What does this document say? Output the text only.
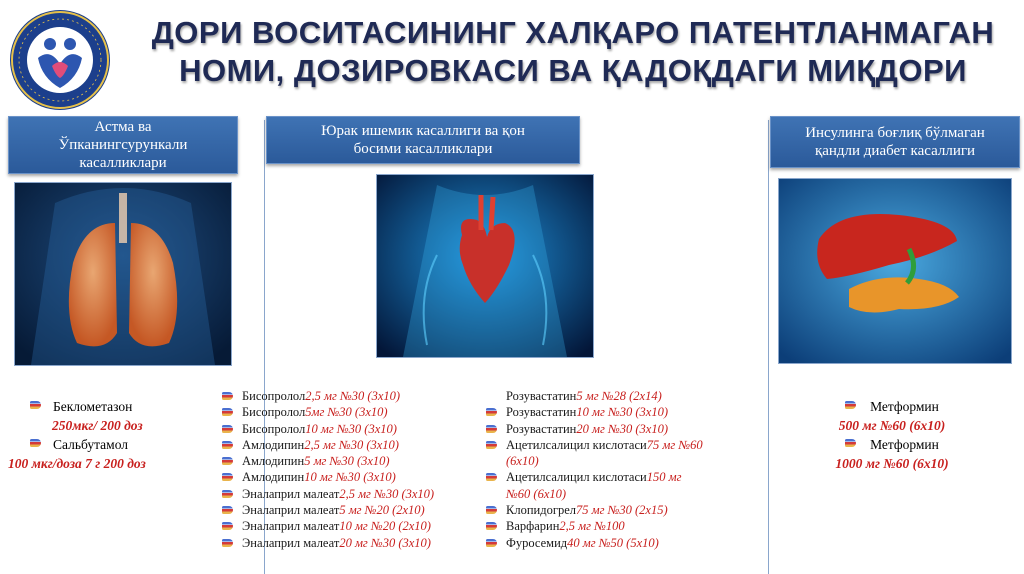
ДОРИ ВОСИТАСИНИНГ ХАЛҚАРО ПАТЕНТЛАНМАГАН
НОМИ, ДОЗИРОВКАСИ ВА ҚАДОҚДАГИ МИҚДОРИ
Астма ва
Ўпканингсурункали
касалликлари
Юрак ишемик касаллиги ва қон
босими касалликлари
Инсулинга боғлиқ бўлмаган
қандли диабет касаллиги
Беклометазон
250мкг/ 200 доз
Сальбутамол
100 мкг/доза 7 г 200 доз
Бисопролол 2,5 мг №30 (3х10)
Бисопролол 5мг №30 (3х10)
Бисопролол 10 мг №30 (3х10)
Амлодипин 2,5 мг №30 (3х10)
Амлодипин 5 мг №30 (3х10)
Амлодипин 10 мг №30 (3х10)
Эналаприл малеат 2,5 мг №30 (3х10)
Эналаприл малеат 5 мг №20 (2х10)
Эналаприл малеат 10 мг №20 (2х10)
Эналаприл малеат 20 мг №30 (3х10)
Розувастатин 5 мг №28 (2х14)
Розувастатин 10 мг №30 (3х10)
Розувастатин 20 мг №30 (3х10)
Ацетилсалицил кислотаси 75 мг №60
(6х10)
Ацетилсалицил кислотаси 150 мг
№60 (6х10)
Клопидогрел 75 мг №30 (2х15)
Варфарин 2,5 мг №100
Фуросемид 40 мг №50 (5х10)
Метформин
500 мг №60 (6х10)
Метформин
1000 мг №60 (6х10)
